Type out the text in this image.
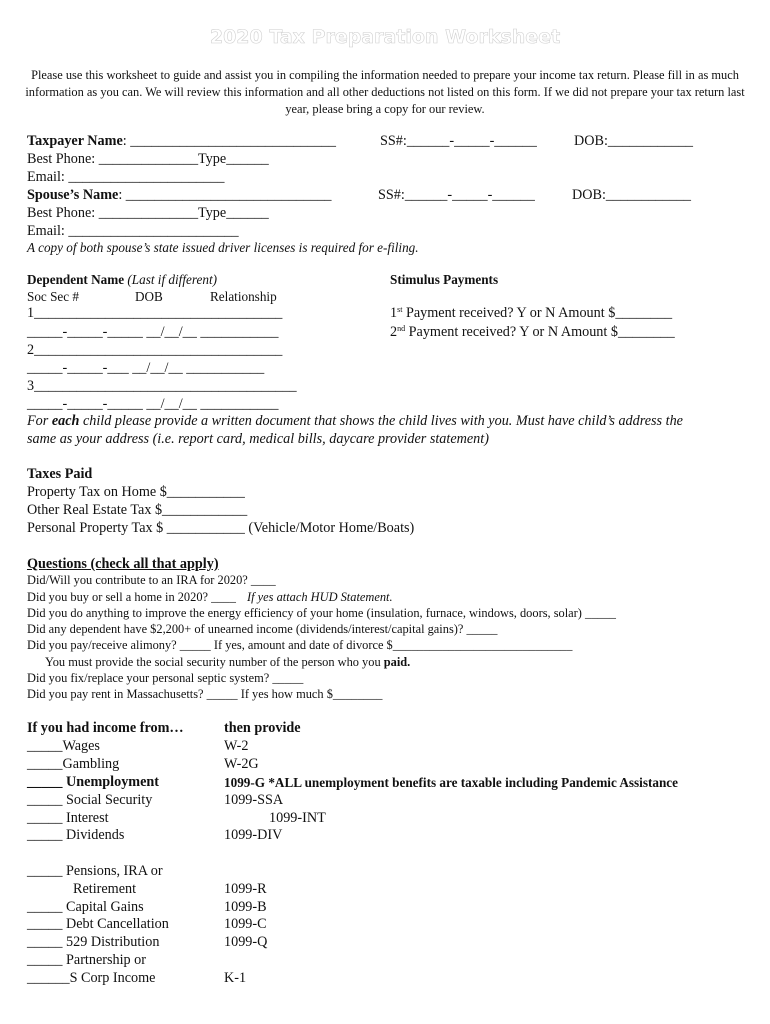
2020 Tax Preparation Worksheet
Please use this worksheet to guide and assist you in compiling the information needed to prepare your income tax return. Please fill in as much information as you can. We will review this information and all other deductions not listed on this form. If we did not prepare your tax return last year, please bring a copy for our review.
Taxpayer Name: _____________________________	SS#:______-_____-______	DOB:____________
Best Phone: ______________Type______
Email: ______________________
Spouse’s Name: _____________________________	SS#:______-_____-______	DOB:____________
Best Phone: ______________Type______
Email: ________________________
A copy of both spouse’s state issued driver licenses is required for e-filing.
Dependent Name (Last if different)
Soc Sec #	DOB	Relationship
1___________________________________
_____-_____-_____ __/__/__ ___________
2___________________________________
_____-_____-___ __/__/__ ___________
3_____________________________________
_____-_____-_____ __/__/__ ___________
Stimulus Payments
1st Payment received? Y or N Amount $________
2nd Payment received? Y or N Amount $________
For each child please provide a written document that shows the child lives with you. Must have child’s address the
same as your address (i.e. report card, medical bills, daycare provider statement)
Taxes Paid
Property Tax on Home $___________
Other Real Estate Tax $____________
Personal Property Tax $ ___________ (Vehicle/Motor Home/Boats)
Questions (check all that apply)
Did/Will you contribute to an IRA for 2020? ____
Did you buy or sell a home in 2020? ____ If yes attach HUD Statement.
Did you do anything to improve the energy efficiency of your home (insulation, furnace, windows, doors, solar) _____
Did any dependent have $2,200+ of unearned income (dividends/interest/capital gains)? _____
Did you pay/receive alimony? _____ If yes, amount and date of divorce $_____________________________
You must provide the social security number of the person who you paid.
Did you fix/replace your personal septic system? _____
Did you pay rent in Massachusetts? _____ If yes how much $________
If you had income from…	then provide
_____Wages	W-2
_____Gambling	W-2G
_____ Unemployment	1099-G *ALL unemployment benefits are taxable including Pandemic Assistance
_____ Social Security	1099-SSA
_____ Interest	1099-INT
_____ Dividends	1099-DIV
_____ Pensions, IRA or
Retirement	1099-R
_____ Capital Gains	1099-B
_____ Debt Cancellation	1099-C
_____ 529 Distribution	1099-Q
_____ Partnership or
______S Corp Income	K-1
